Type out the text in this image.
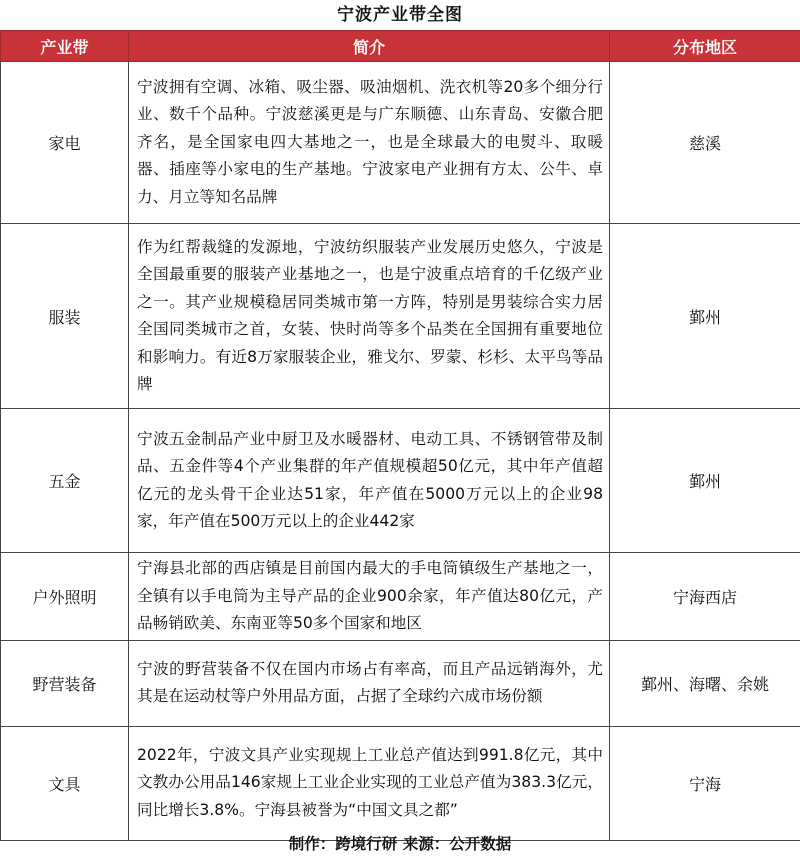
宁波产业带全图
产业带	简介	分布地区
家电	宁波拥有空调、冰箱、吸尘器、吸油烟机、洗衣机等20多个细分行业、数千个品种。宁波慈溪更是与广东顺德、山东青岛、安徽合肥齐名，是全国家电四大基地之一，也是全球最大的电熨斗、取暖器、插座等小家电的生产基地。宁波家电产业拥有方太、公牛、卓力、月立等知名品牌	慈溪
服装	作为红帮裁缝的发源地，宁波纺织服装产业发展历史悠久，宁波是全国最重要的服装产业基地之一，也是宁波重点培育的千亿级产业之一。其产业规模稳居同类城市第一方阵，特别是男装综合实力居全国同类城市之首，女装、快时尚等多个品类在全国拥有重要地位和影响力。有近8万家服装企业，雅戈尔、罗蒙、杉杉、太平鸟等品牌	鄞州
五金	宁波五金制品产业中厨卫及水暖器材、电动工具、不锈钢管带及制品、五金件等4个产业集群的年产值规模超50亿元，其中年产值超亿元的龙头骨干企业达51家，年产值在5000万元以上的企业98家，年产值在500万元以上的企业442家	鄞州
户外照明	宁海县北部的西店镇是目前国内最大的手电筒镇级生产基地之一，全镇有以手电筒为主导产品的企业900余家，年产值达80亿元，产品畅销欧美、东南亚等50多个国家和地区	宁海西店
野营装备	宁波的野营装备不仅在国内市场占有率高，而且产品远销海外，尤其是在运动杖等户外用品方面，占据了全球约六成市场份额	鄞州、海曙、余姚
文具	2022年，宁波文具产业实现规上工业总产值达到991.8亿元，其中文教办公用品146家规上工业企业实现的工业总产值为383.3亿元，同比增长3.8%。宁海县被誉为“中国文具之都”	宁海
制作：跨境行研 来源：公开数据
